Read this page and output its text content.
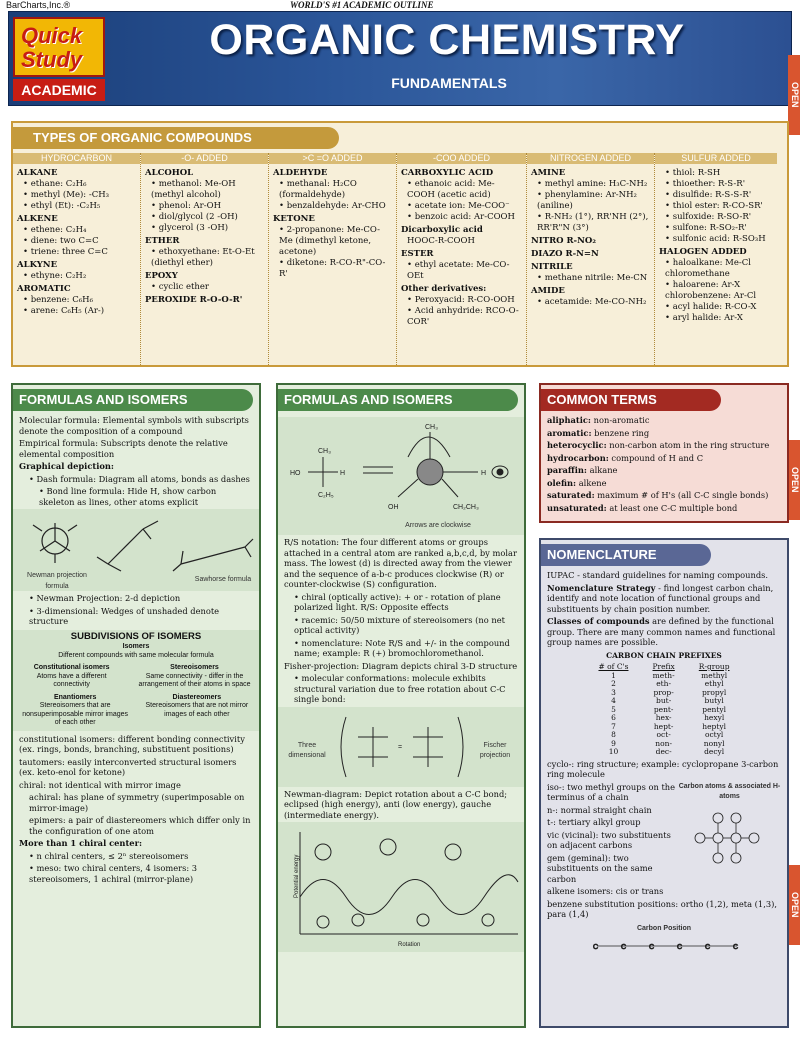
BarCharts,Inc.®	WORLD'S #1 ACADEMIC OUTLINE
Quick
Study
ACADEMIC
ORGANIC CHEMISTRY
FUNDAMENTALS	OPEN
OPEN
OPEN
TYPES OF ORGANIC COMPOUNDS
HYDROCARBON
ALKANE
• ethane: C₂H₆
• methyl (Me): -CH₃
• ethyl (Et): -C₂H₅
ALKENE
• ethene: C₂H₄
• diene: two C=C
• triene: three C=C
ALKYNE
• ethyne: C₂H₂
AROMATIC
• benzene: C₆H₆
• arene: C₆H₅ (Ar-)
-O- ADDED
ALCOHOL
• methanol: Me-OH (methyl alcohol)
• phenol: Ar-OH
• diol/glycol (2 -OH)
• glycerol (3 -OH)
ETHER
• ethoxyethane: Et-O-Et (diethyl ether)
EPOXY
• cyclic ether
PEROXIDE R-O-O-R'
>C =O ADDED
ALDEHYDE
• methanal: H₂CO (formaldehyde)
• benzaldehyde: Ar-CHO
KETONE
• 2-propanone: Me-CO-Me (dimethyl ketone, acetone)
• diketone: R-CO-R"-CO-R'
-COO ADDED
CARBOXYLIC ACID
• ethanoic acid: Me-COOH (acetic acid)
• acetate ion: Me-COO⁻
• benzoic acid: Ar-COOH
Dicarboxylic acid
HOOC-R-COOH
ESTER
• ethyl acetate: Me-CO-OEt
Other derivatives:
• Peroxyacid: R-CO-OOH
• Acid anhydride: RCO-O-COR'
NITROGEN ADDED
AMINE
• methyl amine: H₃C-NH₂
• phenylamine: Ar-NH₂ (aniline)
• R-NH₂ (1°), RR'NH (2°), RR'R"N (3°)
NITRO R-NO₂
DIAZO R-N=N
NITRILE
• methane nitrile: Me-CN
AMIDE
• acetamide: Me-CO-NH₂
SULFUR ADDED
• thiol: R-SH
• thioether: R-S-R'
• disulfide: R-S-S-R'
• thiol ester: R-CO-SR'
• sulfoxide: R-SO-R'
• sulfone: R-SO₂-R'
• sulfonic acid: R-SO₃H
HALOGEN ADDED
• haloalkane: Me-Cl chloromethane
• haloarene: Ar-X chlorobenzene: Ar-Cl
• acyl halide: R-CO-X
• aryl halide: Ar-X
FORMULAS AND ISOMERS

Molecular formula: Elemental symbols with subscripts denote the composition of a compound

Empirical formula: Subscripts denote the relative elemental composition

Graphical depiction:

• Dash formula: Diagram all atoms, bonds as dashes

• Bond line formula: Hide H, show carbon skeleton as lines, other atoms explicit

Newman projection formula
Sawhorse formula

• Newman Projection: 2-d depiction

• 3-dimensional: Wedges of unshaded denote structure

SUBDIVISIONS OF ISOMERS
Isomers
Different compounds with same molecular formula
Constitutional isomers
Atoms have a different connectivity
Stereoisomers
Same connectivity - differ in the arrangement of their atoms in space
Enantiomers
Stereoisomers that are nonsuperimposable mirror images of each other
Diastereomers
Stereoisomers that are not mirror images of each other

constitutional isomers: different bonding connectivity (ex. rings, bonds, branching, substituent positions)

tautomers: easily interconverted structural isomers (ex. keto-enol for ketone)

chiral: not identical with mirror image

achiral: has plane of symmetry (superimposable on mirror-image)

epimers: a pair of diastereomers which differ only in the configuration of one atom

More than 1 chiral center:

• n chiral centers, ≤ 2ⁿ stereoisomers

• meso: two chiral centers, 4 isomers: 3 stereoisomers, 1 achiral (mirror-plane)

FORMULAS AND ISOMERS
HO	H
CH₃
C₂H₅
CH₃
OH	CH₂CH₃
H
Arrows are clockwise

R/S notation: The four different atoms or groups attached in a central atom are ranked a,b,c,d, by molar mass. The lowest (d) is directed away from the viewer and the sequence of a-b-c produces clockwise (R) or counter-clockwise (S) configuration.

• chiral (optically active): + or - rotation of plane polarized light. R/S: Opposite effects

• racemic: 50/50 mixture of stereoisomers (no net optical activity)

• nomenclature: Note R/S and +/- in the compound name; example: R (+) bromochloromethanol.

Fisher-projection: Diagram depicts chiral 3-D structure

• molecular conformations: molecule exhibits structural variation due to free rotation about C-C single bond:

=
Three dimensional
Fischer projection

Newman-diagram: Depict rotation about a C-C bond; eclipsed (high energy), anti (low energy), gauche (intermediate energy).

Potential energy
Rotation
COMMON TERMS

aliphatic: non-aromatic

aromatic: benzene ring

heterocyclic: non-carbon atom in the ring structure

hydrocarbon: compound of H and C

paraffin: alkane

olefin: alkene

saturated: maximum # of H's (all C-C single bonds)

unsaturated: at least one C-C multiple bond

NOMENCLATURE

IUPAC - standard guidelines for naming compounds.

Nomenclature Strategy - find longest carbon chain, identify and note location of functional groups and substituents by chain position number.

Classes of compounds are defined by the functional group. There are many common names and functional group names are possible.

CARBON CHAIN PREFIXES
# of C's	Prefix	R-group
1	meth-	methyl
2	eth-	ethyl
3	prop-	propyl
4	but-	butyl
5	pent-	pentyl
6	hex-	hexyl
7	hept-	heptyl
8	oct-	octyl
9	non-	nonyl
10	dec-	decyl

cyclo-: ring structure; example: cyclopropane 3-carbon ring molecule

iso-: two methyl groups on the terminus of a chain

n-: normal straight chain

t-: tertiary alkyl group

vic (vicinal): two substituents on adjacent carbons

gem (geminal): two substituents on the same carbon

alkene isomers: cis or trans

Carbon atoms & associated H-atoms

benzene substitution positions: ortho (1,2), meta (1,3), para (1,4)

Carbon Position
C	C	C	C	C	C
